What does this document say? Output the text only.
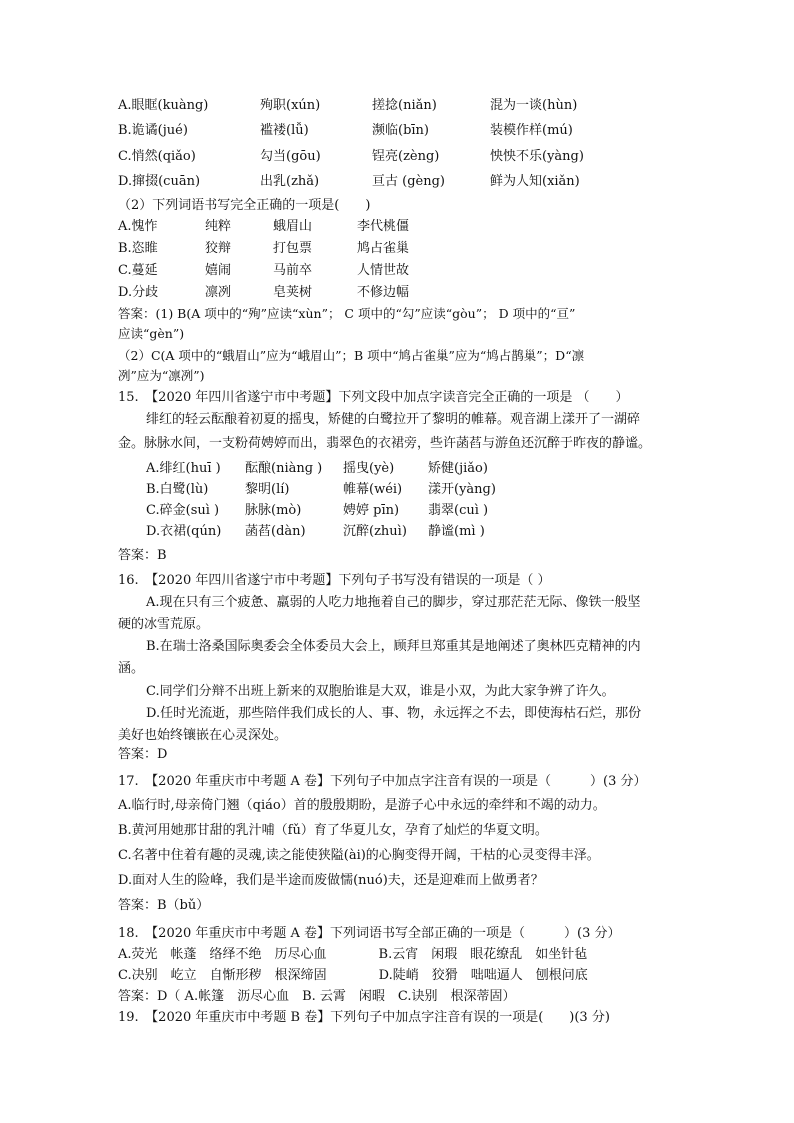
A.眼眶(kuàng)	殉职(xún)	搓捻(niǎn)	混为一谈(hùn)
B.诡谲(jué)	褴褛(lǚ)	濒临(bīn)	装模作样(mú)
C.悄然(qiǎo)	勾当(gōu)	锃亮(zèng)	怏怏不乐(yàng)
D.撺掇(cuān)	出乳(zhǎ)	亘古 (gèng)	鲜为人知(xiǎn)
（2）下列词语书写完全正确的一项是(　　)
A.愧怍	纯粹	蛾眉山	李代桃僵
B.恣睢	狡辩	打包票	鸠占雀巢
C.蔓延	嬉闹	马前卒	人情世故
D.分歧	凛冽	皂荚树	不修边幅
答案：(1) B(A 项中的“殉”应读“xùn”； C 项中的“勾”应读“gòu”； D 项中的“亘”
应读“gèn”)
（2）C(A 项中的“蛾眉山”应为“峨眉山”；B 项中“鸠占雀巢”应为“鸠占鹊巢”；D“凛
冽”应为“凛冽”)
15.　【2020 年四川省遂宁市中考题】下列文段中加点字读音完全正确的一项是 （　　）
绯红的轻云酝酿着初夏的摇曳，矫健的白鹭拉开了黎明的帷幕。观音湖上漾开了一湖碎
金。脉脉水间，一支粉荷娉婷而出，翡翠色的衣裙旁，些许菡萏与游鱼还沉醉于昨夜的静谧。
A.绯红(huī ) 酝酿(niànɡ ) 摇曳(yè)	矫健(jiǎo)
B.白鹭(lù)	黎明(lí)	帷幕(wéi) 漾开(yànɡ)
C.碎金(suì ) 脉脉(mò)	娉婷 pīn) 翡翠(cuì )
D.衣裙(qún) 菡萏(dàn)	沉醉(zhuì) 静谧(mì )
答案：B
16.　【2020 年四川省遂宁市中考题】下列句子书写没有错误的一项是（ ）
A.现在只有三个疲惫、羸弱的人吃力地拖着自己的脚步，穿过那茫茫无际、像铁一般坚
硬的冰雪荒原。
B.在瑞士洛桑国际奥委会全体委员大会上，顾拜旦郑重其是地阐述了奥林匹克精神的内
涵。
C.同学们分辩不出班上新来的双胞胎谁是大双，谁是小双，为此大家争辨了许久。
D.任时光流逝，那些陪伴我们成长的人、事、物，永远挥之不去，即使海枯石烂，那份
美好也始终镶嵌在心灵深处。
答案：D
17.　【2020 年重庆市中考题 A 卷】下列句子中加点字注音有误的一项是（　　　）(3 分）
A.临行时,母亲倚门翘（qiáo）首的殷殷期盼，是游子心中永远的牵绊和不竭的动力。
B.黄河用她那甘甜的乳汁哺（fǔ）育了华夏儿女，孕育了灿烂的华夏文明。
C.名著中住着有趣的灵魂,读之能使狭隘(ài)的心胸变得开阔，干枯的心灵变得丰泽。
D.面对人生的险峰，我们是半途而废做懦(nuó)夫，还是迎难而上做勇者？
答案：B（bǔ）
18.　【2020 年重庆市中考题 A 卷】下列词语书写全部正确的一项是（　　　）(3 分）
A.荧光　帐蓬　络绎不绝　历尽心血　　　　B.云宵　闲瑕　眼花缭乱　如坐针毡
C.决别　屹立　自惭形秽　根深缔固　　　　D.陡峭　狡猾　咄咄逼人　刨根问底
答案：D（ A.帐篷　沥尽心血　B. 云霄　闲暇　C.诀别　根深蒂固）
19.　【2020 年重庆市中考题 B 卷】下列句子中加点字注音有误的一项是(　　)(3 分)
